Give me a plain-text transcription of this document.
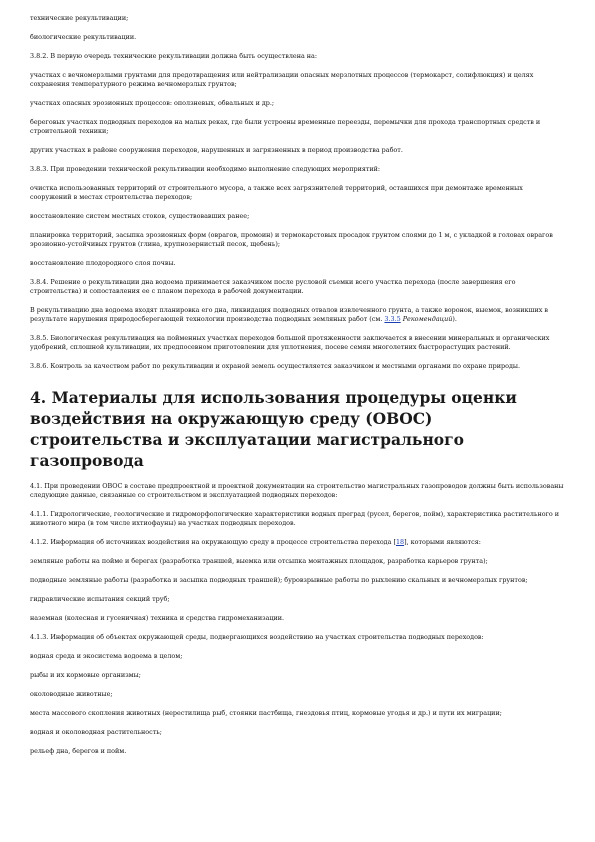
технические рекультивации;

биологические рекультивации.

3.8.2. В первую очередь технические рекультивации должна быть осуществлена на:

участках с вечномерзлыми грунтами для предотвращения или нейтрализации опасных мерзлотных процессов (термокарст, солифлюкция) и целях сохранения температурного режима вечномерзлых грунтов;

участках опасных эрозионных процессов: оползневых, обвальных и др.;

береговых участках подводных переходов на малых реках, где были устроены временные переезды, перемычки для прохода транспортных средств и строительной техники;

других участках в районе сооружения переходов, нарушенных и загрязненных в период производства работ.

3.8.3. При проведении технической рекультивации необходимо выполнение следующих мероприятий:

очистка использованных территорий от строительного мусора, а также всех загрязнителей территорий, оставшихся при демонтаже временных сооружений в местах строительства переходов;

восстановление систем местных стоков, существовавших ранее;

планировка территорий, засыпка эрозионных форм (оврагов, промоин) и термокарстовых просадок грунтом слоями до 1 м, с укладкой в головах оврагов эрозионно-устойчивых грунтов (глина, крупнозернистый песок, щебень);

восстановление плодородного слоя почвы.

3.8.4. Решение о рекультивации дна водоема принимается заказчиком после русловой съемки всего участка перехода (после завершения его строительства) и сопоставления ее с планом перехода в рабочей документации.

В рекультивацию дна водоема входят планировка его дна, ликвидация подводных отвалов извлеченного грунта, а также воронок, выемок, возникших в результате нарушения природосберегающей технологии производства подводных земляных работ (см. 3.3.5 Рекомендаций).

3.8.5. Биологическая рекультивация на пойменных участках переходов большой протяженности заключается в внесении минеральных и органических удобрений, сплошной культивации, их предпосевном приготовлении для уплотнения, посеве семян многолетних быстрорастущих растений.

3.8.6. Контроль за качеством работ по рекультивации и охраной земель осуществляется заказчиком и местными органами по охране природы.

4. Материалы для использования процедуры оценки воздействия на окружающую среду (ОВОС) строительства и эксплуатации магистрального газопровода

4.1. При проведении ОВОС в составе предпроектной и проектной документации на строительство магистральных газопроводов должны быть использованы следующие данные, связанные со строительством и эксплуатацией подводных переходов:

4.1.1. Гидрологические, геологические и гидроморфологические характеристики водных преград (русел, берегов, пойм), характеристика растительного и животного мира (в том числе ихтиофауны) на участках подводных переходов.

4.1.2. Информация об источниках воздействия на окружающую среду в процессе строительства перехода [18], которыми являются:

земляные работы на пойме и берегах (разработка траншей, выемка или отсыпка монтажных площадок, разработка карьеров грунта);

подводные земляные работы (разработка и засыпка подводных траншей); буровзрывные работы по рыхлению скальных и вечномерзлых грунтов;

гидравлические испытания секций труб;

наземная (колесная и гусеничная) техника и средства гидромеханизации.

4.1.3. Информация об объектах окружающей среды, подвергающихся воздействию на участках строительства подводных переходов:

водная среда и экосистема водоема в целом;

рыбы и их кормовые организмы;

околоводные животные;

места массового скопления животных (нерестилища рыб, стоянки пастбища, гнездовья птиц, кормовые угодья и др.) и пути их миграции;

водная и околоводная растительность;

рельеф дна, берегов и пойм.
